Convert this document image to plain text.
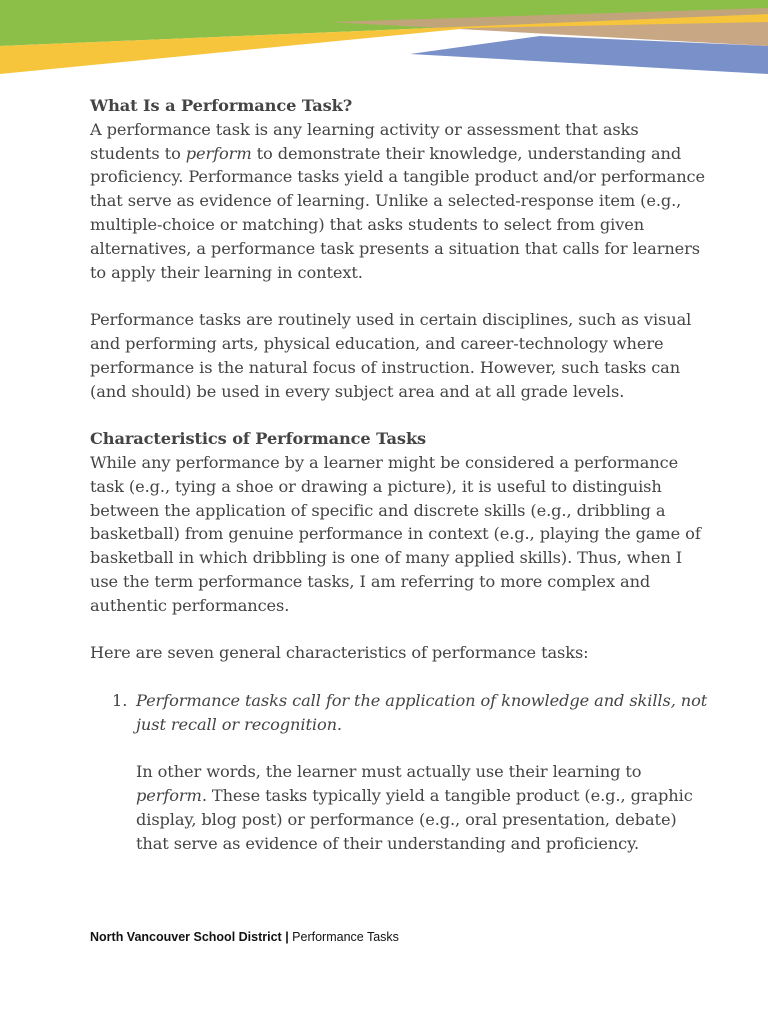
What Is a Performance Task?

A performance task is any learning activity or assessment that asks students to perform to demonstrate their knowledge, understanding and proficiency. Performance tasks yield a tangible product and/or performance that serve as evidence of learning. Unlike a selected-response item (e.g., multiple-choice or matching) that asks students to select from given alternatives, a performance task presents a situation that calls for learners to apply their learning in context.

Performance tasks are routinely used in certain disciplines, such as visual and performing arts, physical education, and career-technology where performance is the natural focus of instruction. However, such tasks can (and should) be used in every subject area and at all grade levels.

Characteristics of Performance Tasks

While any performance by a learner might be considered a performance task (e.g., tying a shoe or drawing a picture), it is useful to distinguish between the application of specific and discrete skills (e.g., dribbling a basketball) from genuine performance in context (e.g., playing the game of basketball in which dribbling is one of many applied skills). Thus, when I use the term performance tasks, I am referring to more complex and authentic performances.

Here are seven general characteristics of performance tasks:

1. Performance tasks call for the application of knowledge and skills, not just recall or recognition.

In other words, the learner must actually use their learning to perform. These tasks typically yield a tangible product (e.g., graphic display, blog post) or performance (e.g., oral presentation, debate) that serve as evidence of their understanding and proficiency.

North Vancouver School District | Performance Tasks
